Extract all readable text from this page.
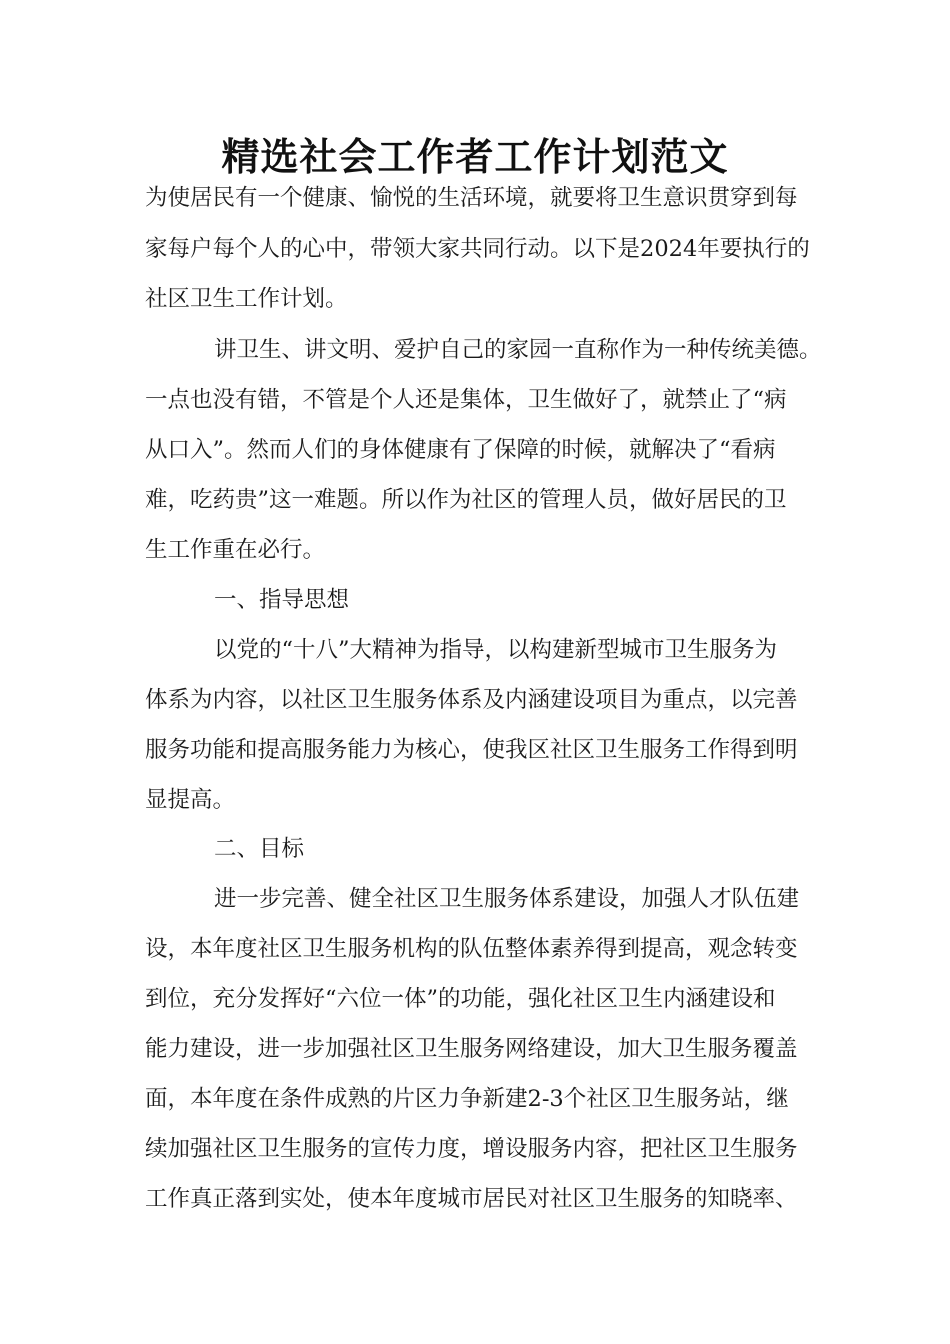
精选社会工作者工作计划范文

为使居民有一个健康、愉悦的生活环境，就要将卫生意识贯穿到每

家每户每个人的心中，带领大家共同行动。以下是2024年要执行的

社区卫生工作计划。

讲卫生、讲文明、爱护自己的家园一直称作为一种传统美德。

一点也没有错，不管是个人还是集体，卫生做好了，就禁止了“病

从口入”。然而人们的身体健康有了保障的时候，就解决了“看病

难，吃药贵”这一难题。所以作为社区的管理人员，做好居民的卫

生工作重在必行。

一、指导思想

以党的“十八”大精神为指导，以构建新型城市卫生服务为

体系为内容，以社区卫生服务体系及内涵建设项目为重点，以完善

服务功能和提高服务能力为核心，使我区社区卫生服务工作得到明

显提高。

二、目标

进一步完善、健全社区卫生服务体系建设，加强人才队伍建

设，本年度社区卫生服务机构的队伍整体素养得到提高，观念转变

到位，充分发挥好“六位一体”的功能，强化社区卫生内涵建设和

能力建设，进一步加强社区卫生服务网络建设，加大卫生服务覆盖

面，本年度在条件成熟的片区力争新建2-3个社区卫生服务站，继

续加强社区卫生服务的宣传力度，增设服务内容，把社区卫生服务

工作真正落到实处，使本年度城市居民对社区卫生服务的知晓率、
